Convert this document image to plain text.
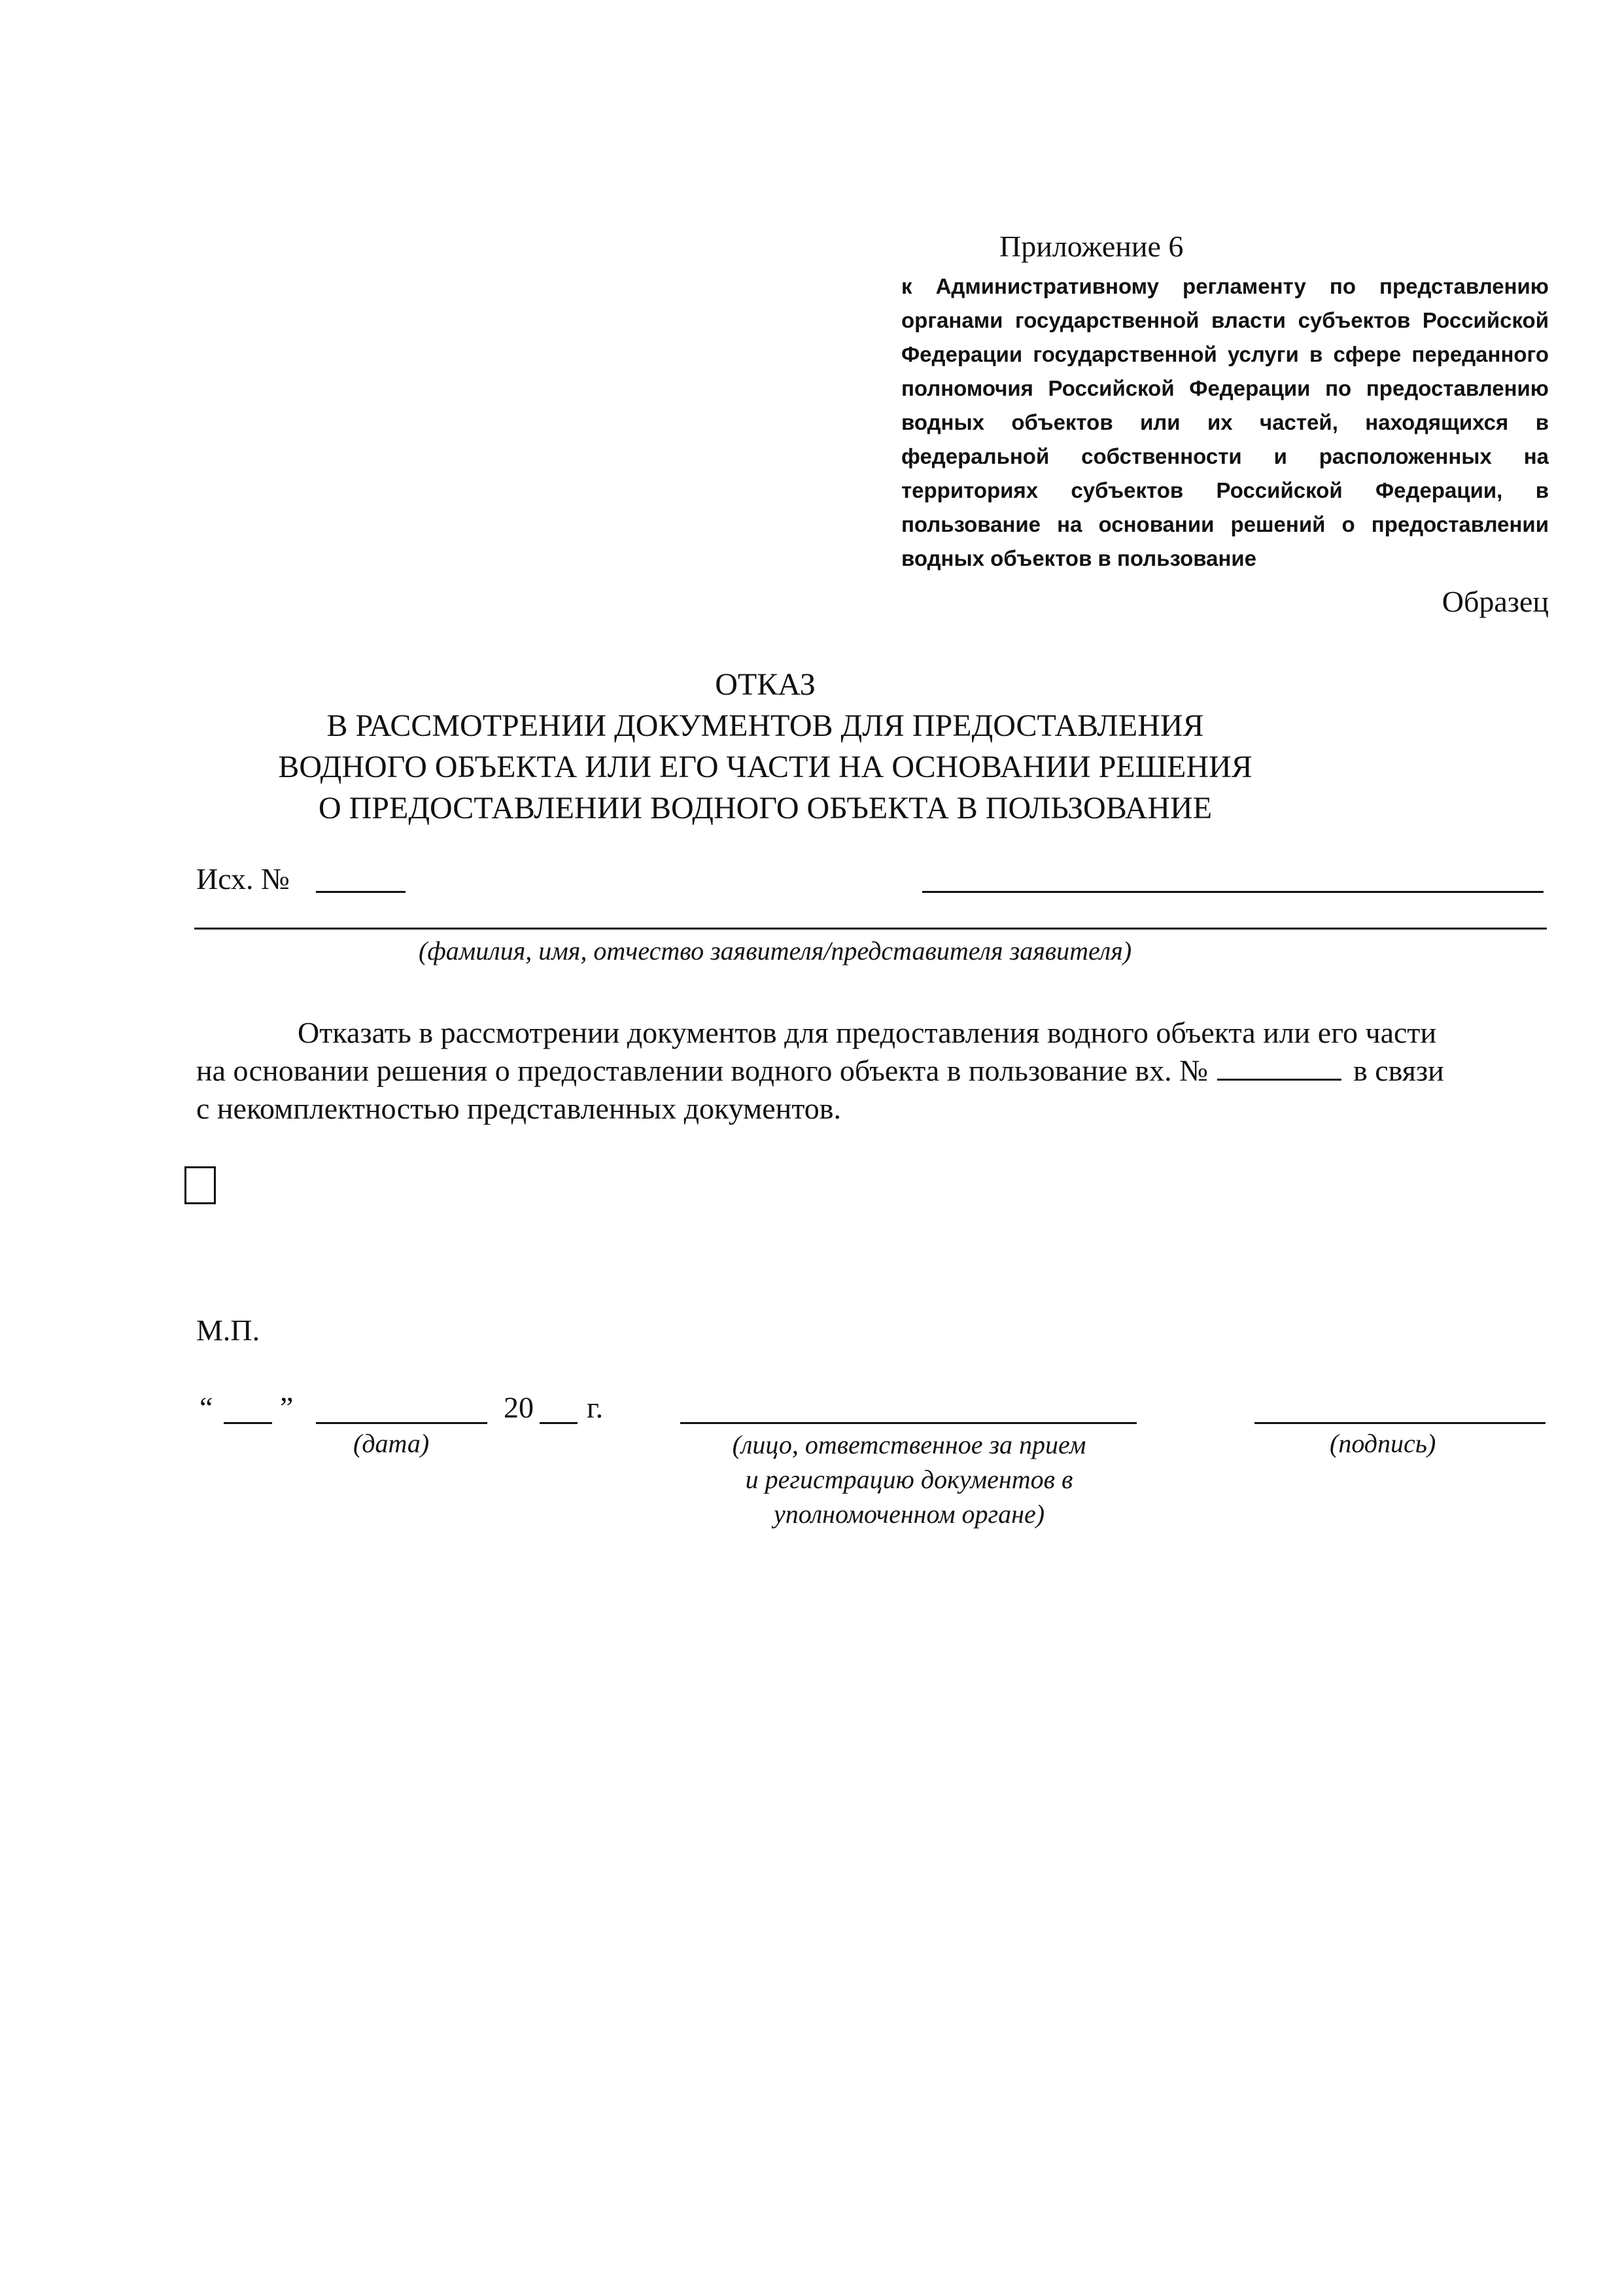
Приложение 6
к Административному регламенту по представлению органами государственной власти субъектов Российской Федерации государственной услуги в сфере переданного полномочия Российской Федерации по предоставлению водных объектов или их частей, находящихся в федеральной собственности и расположенных на территориях субъектов Российской Федерации, в пользование на основании решений о предоставлении водных объектов в пользование
Образец
ОТКАЗ
В РАССМОТРЕНИИ ДОКУМЕНТОВ ДЛЯ ПРЕДОСТАВЛЕНИЯ
ВОДНОГО ОБЪЕКТА ИЛИ ЕГО ЧАСТИ НА ОСНОВАНИИ РЕШЕНИЯ
О ПРЕДОСТАВЛЕНИИ ВОДНОГО ОБЪЕКТА В ПОЛЬЗОВАНИЕ
Исх. №
(фамилия, имя, отчество заявителя/представителя заявителя)
Отказать в рассмотрении документов для предоставления водного объекта или его части
на основании решения о предоставлении водного объекта в пользование вх. №	в связи
с некомплектностью представленных документов.
М.П.
“ ”	20 г.
(дата)	(лицо, ответственное за прием
и регистрацию документов в
уполномоченном органе)
(подпись)
